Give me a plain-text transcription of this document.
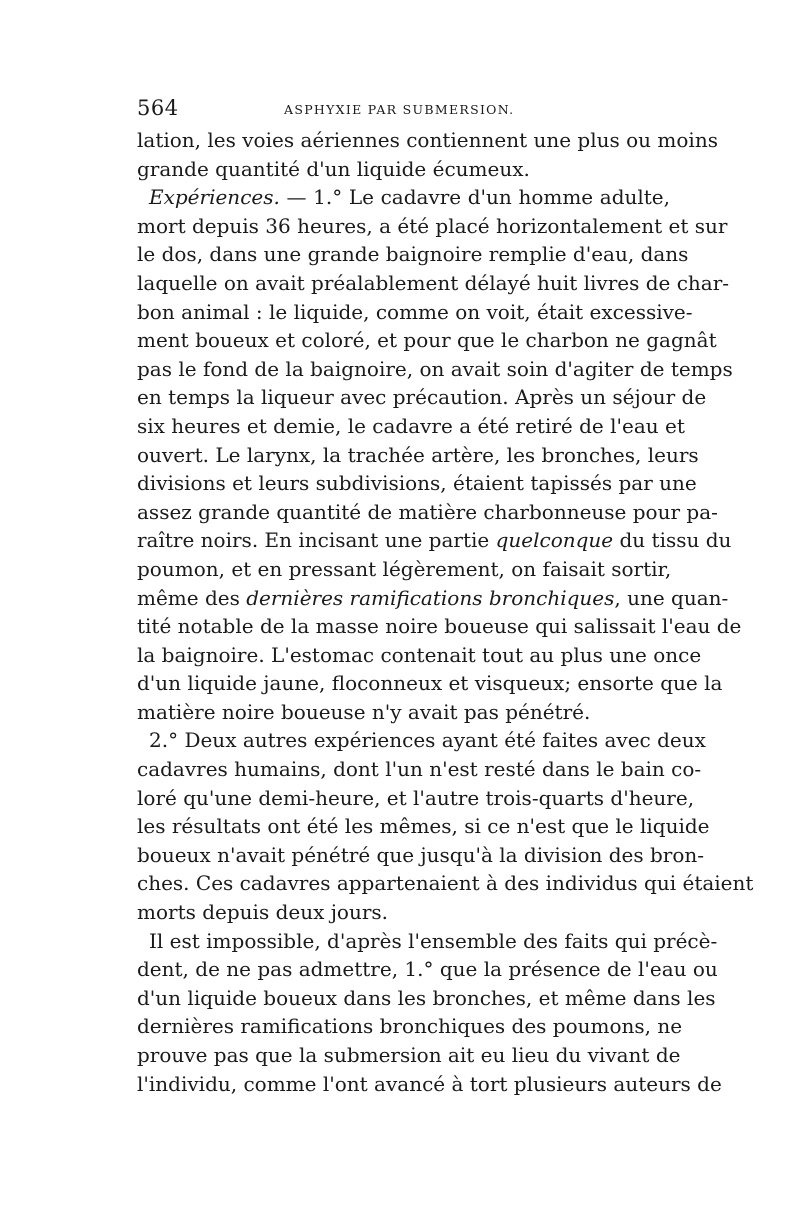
564	ASPHYXIE PAR SUBMERSION.
lation, les voies aériennes contiennent une plus ou moins
grande quantité d'un liquide écumeux.
Expériences. — 1.° Le cadavre d'un homme adulte,
mort depuis 36 heures, a été placé horizontalement et sur
le dos, dans une grande baignoire remplie d'eau, dans
laquelle on avait préalablement délayé huit livres de char-
bon animal : le liquide, comme on voit, était excessive-
ment boueux et coloré, et pour que le charbon ne gagnât
pas le fond de la baignoire, on avait soin d'agiter de temps
en temps la liqueur avec précaution. Après un séjour de
six heures et demie, le cadavre a été retiré de l'eau et
ouvert. Le larynx, la trachée artère, les bronches, leurs
divisions et leurs subdivisions, étaient tapissés par une
assez grande quantité de matière charbonneuse pour pa-
raître noirs. En incisant une partie quelconque du tissu du
poumon, et en pressant légèrement, on faisait sortir,
même des dernières ramifications bronchiques, une quan-
tité notable de la masse noire boueuse qui salissait l'eau de
la baignoire. L'estomac contenait tout au plus une once
d'un liquide jaune, floconneux et visqueux; ensorte que la
matière noire boueuse n'y avait pas pénétré.
2.° Deux autres expériences ayant été faites avec deux
cadavres humains, dont l'un n'est resté dans le bain co-
loré qu'une demi-heure, et l'autre trois-quarts d'heure,
les résultats ont été les mêmes, si ce n'est que le liquide
boueux n'avait pénétré que jusqu'à la division des bron-
ches. Ces cadavres appartenaient à des individus qui étaient
morts depuis deux jours.
Il est impossible, d'après l'ensemble des faits qui précè-
dent, de ne pas admettre, 1.° que la présence de l'eau ou
d'un liquide boueux dans les bronches, et même dans les
dernières ramifications bronchiques des poumons, ne
prouve pas que la submersion ait eu lieu du vivant de
l'individu, comme l'ont avancé à tort plusieurs auteurs de
